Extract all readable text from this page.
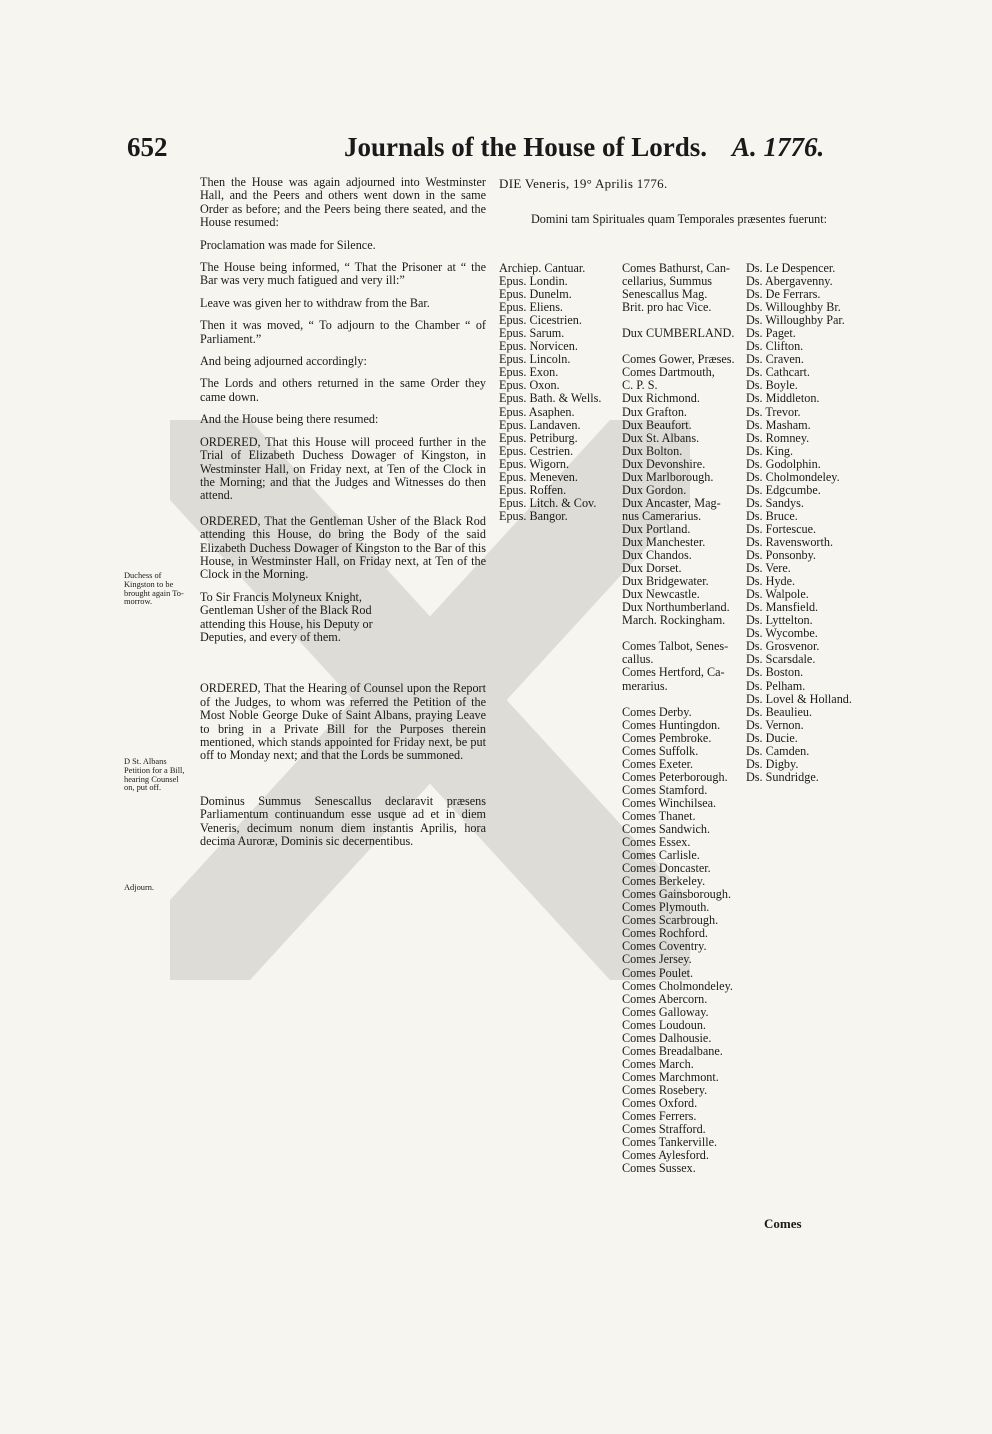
652	Journals of the House of Lords. A. 1776.

Then the House was again adjourned into Westminster Hall, and the Peers and others went down in the same Order as before; and the Peers being there seated, and the House resumed:

Proclamation was made for Silence.

The House being informed, “ That the Prisoner at “ the Bar was very much fatigued and very ill:”

Leave was given her to withdraw from the Bar.

Then it was moved, “ To adjourn to the Chamber “ of Parliament.”

And being adjourned accordingly:

The Lords and others returned in the same Order they came down.

And the House being there resumed:

ORDERED, That this House will proceed further in the Trial of Elizabeth Duchess Dowager of Kingston, in Westminster Hall, on Friday next, at Ten of the Clock in the Morning; and that the Judges and Witnesses do then attend.

ORDERED, That the Gentleman Usher of the Black Rod attending this House, do bring the Body of the said Elizabeth Duchess Dowager of Kingston to the Bar of this House, in Westminster Hall, on Friday next, at Ten of the Clock in the Morning.

To Sir Francis Molyneux Knight, Gentleman Usher of the Black Rod attending this House, his Deputy or Deputies, and every of them.

ORDERED, That the Hearing of Counsel upon the Report of the Judges, to whom was referred the Petition of the Most Noble George Duke of Saint Albans, praying Leave to bring in a Private Bill for the Purposes therein mentioned, which stands appointed for Friday next, be put off to Monday next; and that the Lords be summoned.

Dominus Summus Senescallus declaravit præsens Parliamentum continuandum esse usque ad et in diem Veneris, decimum nonum diem instantis Aprilis, hora decima Auroræ, Dominis sic decernentibus.

Duchess of Kingston to be brought again To-morrow.
D St. Albans Petition for a Bill, hearing Counsel on, put off.
Adjourn.
DIE Veneris, 19° Aprilis 1776.
Domini tam Spirituales quam Temporales præsentes fuerunt:
Archiep. Cantuar.
Epus. Londin.
Epus. Dunelm.
Epus. Eliens.
Epus. Cicestrien.
Epus. Sarum.
Epus. Norvicen.
Epus. Lincoln.
Epus. Exon.
Epus. Oxon.
Epus. Bath. & Wells.
Epus. Asaphen.
Epus. Landaven.
Epus. Petriburg.
Epus. Cestrien.
Epus. Wigorn.
Epus. Meneven.
Epus. Roffen.
Epus. Litch. & Cov.
Epus. Bangor.
Comes Bathurst, Can-
cellarius, Summus
Senescallus Mag.
Brit. pro hac Vice.
Dux CUMBERLAND.
Comes Gower, Præses.
Comes Dartmouth,
C. P. S.
Dux Richmond.
Dux Grafton.
Dux Beaufort.
Dux St. Albans.
Dux Bolton.
Dux Devonshire.
Dux Marlborough.
Dux Gordon.
Dux Ancaster, Mag-
nus Camerarius.
Dux Portland.
Dux Manchester.
Dux Chandos.
Dux Dorset.
Dux Bridgewater.
Dux Newcastle.
Dux Northumberland.
March. Rockingham.
Comes Talbot, Senes-
callus.
Comes Hertford, Ca-
merarius.
Comes Derby.
Comes Huntingdon.
Comes Pembroke.
Comes Suffolk.
Comes Exeter.
Comes Peterborough.
Comes Stamford.
Comes Winchilsea.
Comes Thanet.
Comes Sandwich.
Comes Essex.
Comes Carlisle.
Comes Doncaster.
Comes Berkeley.
Comes Gainsborough.
Comes Plymouth.
Comes Scarbrough.
Comes Rochford.
Comes Coventry.
Comes Jersey.
Comes Poulet.
Comes Cholmondeley.
Comes Abercorn.
Comes Galloway.
Comes Loudoun.
Comes Dalhousie.
Comes Breadalbane.
Comes March.
Comes Marchmont.
Comes Rosebery.
Comes Oxford.
Comes Ferrers.
Comes Strafford.
Comes Tankerville.
Comes Aylesford.
Comes Sussex.
Ds. Le Despencer.
Ds. Abergavenny.
Ds. De Ferrars.
Ds. Willoughby Br.
Ds. Willoughby Par.
Ds. Paget.
Ds. Clifton.
Ds. Craven.
Ds. Cathcart.
Ds. Boyle.
Ds. Middleton.
Ds. Trevor.
Ds. Masham.
Ds. Romney.
Ds. King.
Ds. Godolphin.
Ds. Cholmondeley.
Ds. Edgcumbe.
Ds. Sandys.
Ds. Bruce.
Ds. Fortescue.
Ds. Ravensworth.
Ds. Ponsonby.
Ds. Vere.
Ds. Hyde.
Ds. Walpole.
Ds. Mansfield.
Ds. Lyttelton.
Ds. Wycombe.
Ds. Grosvenor.
Ds. Scarsdale.
Ds. Boston.
Ds. Pelham.
Ds. Lovel & Holland.
Ds. Beaulieu.
Ds. Vernon.
Ds. Ducie.
Ds. Camden.
Ds. Digby.
Ds. Sundridge.
Comes
